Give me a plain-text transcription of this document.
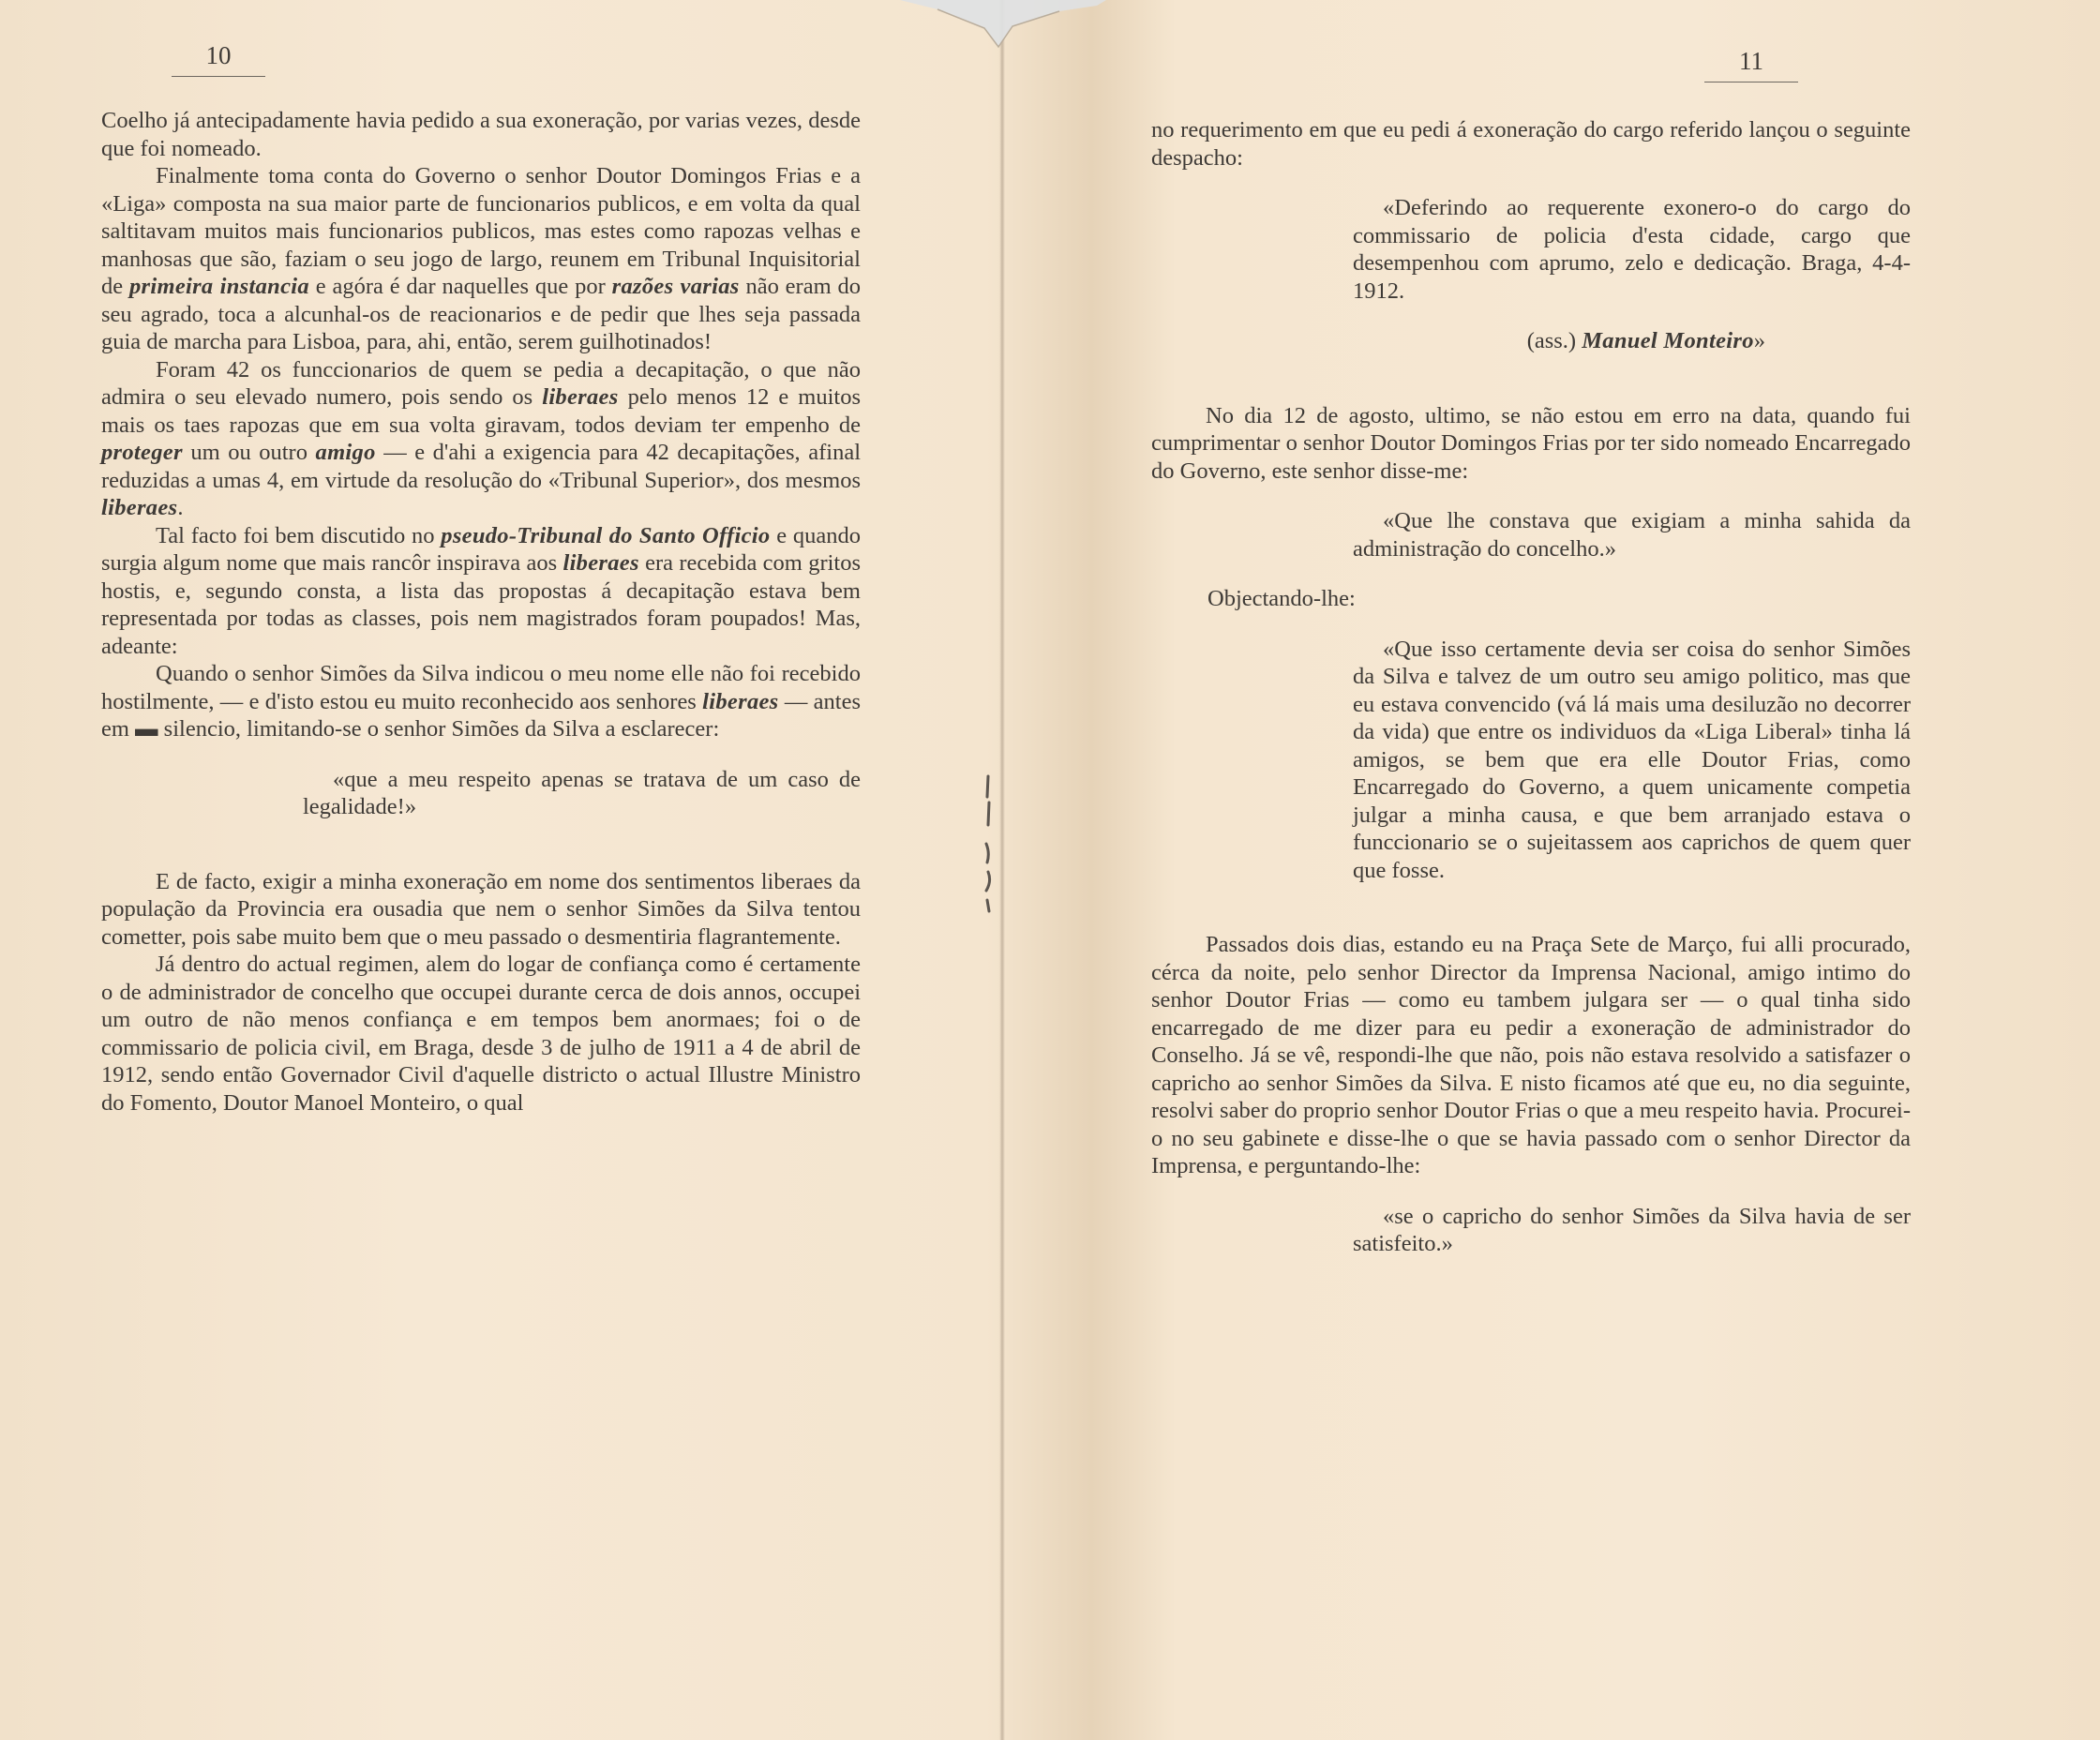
10

Coelho já antecipadamente havia pedido a sua exoneração, por varias vezes, desde que foi nomeado.

Finalmente toma conta do Governo o senhor Doutor Domingos Frias e a «Liga» composta na sua maior parte de funcionarios publicos, e em volta da qual saltitavam muitos mais funcionarios publicos, mas estes como rapozas velhas e manhosas que são, faziam o seu jogo de largo, reunem em Tribunal Inquisitorial de primeira instancia e agóra é dar naquelles que por razões varias não eram do seu agrado, toca a alcunhal-os de reacionarios e de pedir que lhes seja passada guia de marcha para Lisboa, para, ahi, então, serem guilhotinados!

Foram 42 os funccionarios de quem se pedia a decapitação, o que não admira o seu elevado numero, pois sendo os liberaes pelo menos 12 e muitos mais os taes rapozas que em sua volta giravam, todos deviam ter empenho de proteger um ou outro amigo — e d'ahi a exigencia para 42 decapitações, afinal reduzidas a umas 4, em virtude da resolução do «Tribunal Superior», dos mesmos liberaes.

Tal facto foi bem discutido no pseudo-Tribunal do Santo Officio e quando surgia algum nome que mais rancôr inspirava aos liberaes era recebida com gritos hostis, e, segundo consta, a lista das propostas á decapitação estava bem representada por todas as classes, pois nem magistrados foram poupados! Mas, adeante:

Quando o senhor Simões da Silva indicou o meu nome elle não foi recebido hostilmente, — e d'isto estou eu muito reconhecido aos senhores liberaes — antes em ▬ silencio, limitando-se o senhor Simões da Silva a esclarecer:

«que a meu respeito apenas se tratava de um caso de legalidade!»

E de facto, exigir a minha exoneração em nome dos sentimentos liberaes da população da Provincia era ousadia que nem o senhor Simões da Silva tentou cometter, pois sabe muito bem que o meu passado o desmentiria flagrantemente.

Já dentro do actual regimen, alem do logar de confiança como é certamente o de administrador de concelho que occupei durante cerca de dois annos, occupei um outro de não menos confiança e em tempos bem anormaes; foi o de commissario de policia civil, em Braga, desde 3 de julho de 1911 a 4 de abril de 1912, sendo então Governador Civil d'aquelle districto o actual Illustre Ministro do Fomento, Doutor Manoel Monteiro, o qual

11

no requerimento em que eu pedi á exoneração do cargo referido lançou o seguinte despacho:

«Deferindo ao requerente exonero-o do cargo do commissario de policia d'esta cidade, cargo que desempenhou com aprumo, zelo e dedicação. Braga, 4-4-1912.

(ass.) Manuel Monteiro»

No dia 12 de agosto, ultimo, se não estou em erro na data, quando fui cumprimentar o senhor Doutor Domingos Frias por ter sido nomeado Encarregado do Governo, este senhor disse-me:

«Que lhe constava que exigiam a minha sahida da administração do concelho.»

Objectando-lhe:

«Que isso certamente devia ser coisa do senhor Simões da Silva e talvez de um outro seu amigo politico, mas que eu estava convencido (vá lá mais uma desiluzão no decorrer da vida) que entre os individuos da «Liga Liberal» tinha lá amigos, se bem que era elle Doutor Frias, como Encarregado do Governo, a quem unicamente competia julgar a minha causa, e que bem arranjado estava o funccionario se o sujeitassem aos caprichos de quem quer que fosse.

Passados dois dias, estando eu na Praça Sete de Março, fui alli procurado, cérca da noite, pelo senhor Director da Imprensa Nacional, amigo intimo do senhor Doutor Frias — como eu tambem julgara ser — o qual tinha sido encarregado de me dizer para eu pedir a exoneração de administrador do Conselho. Já se vê, respondi-lhe que não, pois não estava resolvido a satisfazer o capricho ao senhor Simões da Silva. E nisto ficamos até que eu, no dia seguinte, resolvi saber do proprio senhor Doutor Frias o que a meu respeito havia. Procurei-o no seu gabinete e disse-lhe o que se havia passado com o senhor Director da Imprensa, e perguntando-lhe:

«se o capricho do senhor Simões da Silva havia de ser satisfeito.»
